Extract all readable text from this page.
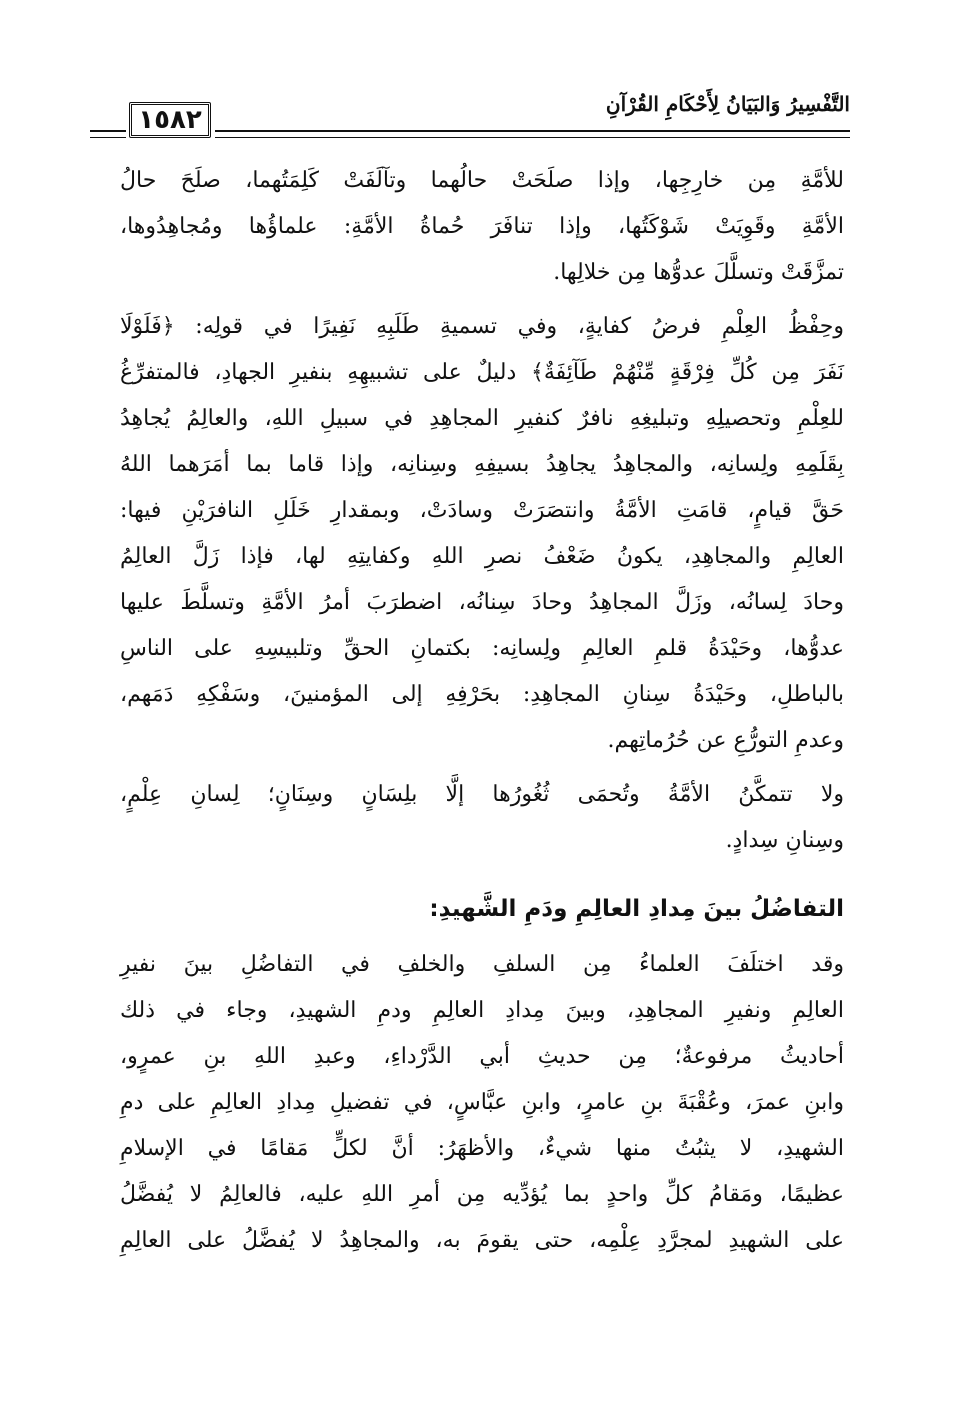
التَّفْسِيرُ وَالبَيَانُ لِأَحْكَامِ القُرْآنِ
١٥٨٢
للأمَّةِ مِن خارِجِها، وإذا صلَحَتْ حالُهما وتآلَفَتْ كَلِمَتُهما، صلَحَ حالُ
الأمَّةِ وقَوِيَتْ شَوْكَتُها، وإذا تنافَرَ حُماةُ الأمَّةِ: علماؤُها ومُجاهِدُوها،
تمزَّقَتْ وتسلَّلَ عدوُّها مِن خلالِها.
وحِفْظُ العِلْمِ فرضُ كفايةٍ، وفي تسميةِ طَلَبِهِ نَفِيرًا في قولِه: ﴿فَلَوْلَا
نَفَرَ مِن كُلِّ فِرْقَةٍ مِّنْهُمْ طَآئِفَةٌ﴾ دليلٌ على تشبيهِهِ بنفيرِ الجهادِ، فالمتفرِّغُ
للعِلْمِ وتحصيلِهِ وتبليغِهِ نافرٌ كنفيرِ المجاهِدِ في سبيلِ اللهِ، والعالِمُ يُجاهِدُ
بِقَلَمِهِ ولِسانِه، والمجاهِدُ يجاهِدُ بسيفِهِ وسِنانِه، وإذا قاما بما أمَرَهما اللهُ
حَقَّ قيامٍ، قامَتِ الأمَّةُ وانتصَرَتْ وسادَتْ، وبمقدارِ خَلَلِ النافرَيْنِ فيها:
العالِمِ والمجاهِدِ، يكونُ ضَعْفُ نصرِ اللهِ وكفايتِهِ لها، فإذا زَلَّ العالِمُ
وحادَ لِسانُه، وزَلَّ المجاهِدُ وحادَ سِنانُه، اضطرَبَ أمرُ الأمَّةِ وتسلَّطَ عليها
عدوُّها، وحَيْدَةُ قلمِ العالِمِ ولِسانِه: بكتمانِ الحقِّ وتلبيسِهِ على الناسِ
بالباطلِ، وحَيْدَةُ سِنانِ المجاهِدِ: بحَرْفِهِ إلى المؤمنينَ، وسَفْكِهِ دَمَهم،
وعدمِ التورُّعِ عن حُرُماتِهم.
ولا تتمكَّنُ الأمَّةُ وتُحمَى ثُغُورُها إلَّا بلِسَانٍ وسِنَانٍ؛ لِسانِ عِلْمٍ،
وسِنانِ سِدادٍ.
التفاضُلُ بينَ مِدادِ العالِمِ ودَمِ الشَّهيدِ:
وقد اختلَفَ العلماءُ مِن السلفِ والخلفِ في التفاضُلِ بينَ نفيرِ
العالِمِ ونفيرِ المجاهِدِ، وبينَ مِدادِ العالِمِ ودمِ الشهيدِ، وجاء في ذلك
أحاديثُ مرفوعةٌ؛ مِن حديثِ أبي الدَّرْداءِ، وعبدِ اللهِ بنِ عمرٍو،
وابنِ عمرَ، وعُقْبَةَ بنِ عامرٍ، وابنِ عبَّاسٍ، في تفضيلِ مِدادِ العالِمِ على دمِ
الشهيدِ، لا يثبُتُ منها شيءٌ، والأظهَرُ: أنَّ لكلٍّ مَقامًا في الإسلامِ
عظيمًا، ومَقامُ كلِّ واحدٍ بما يُؤدِّيه مِن أمرِ اللهِ عليه، فالعالِمُ لا يُفضَّلُ
على الشهيدِ لمجرَّدِ عِلْمِه، حتى يقومَ به، والمجاهِدُ لا يُفضَّلُ على العالِمِ
